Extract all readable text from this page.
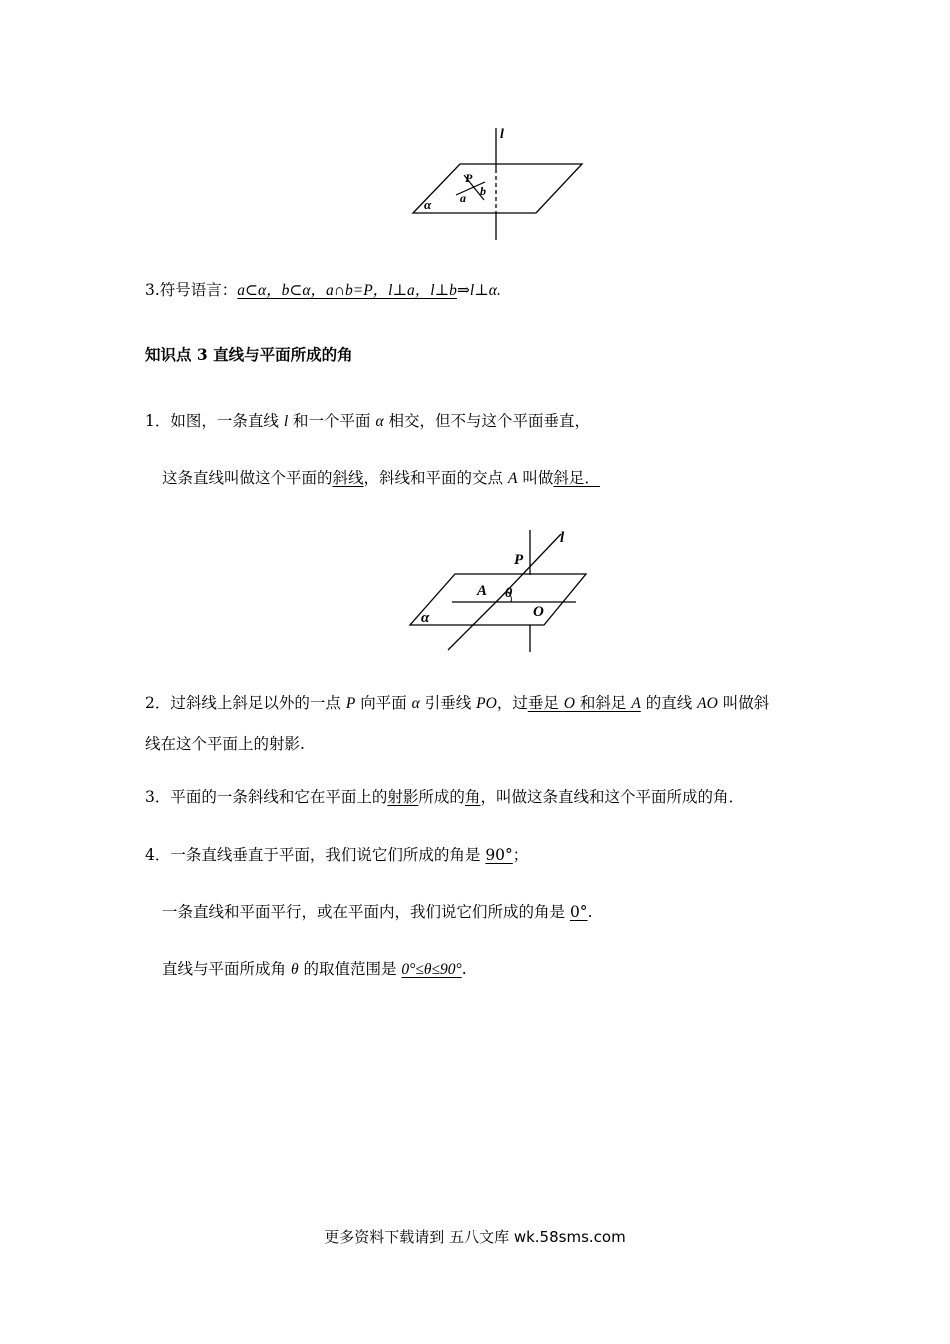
l
P
a b
α
3.符号语言：a⊂α，b⊂α，a∩b=P，l⊥a，l⊥b⇒l⊥α.
知识点 3 直线与平面所成的角
1．如图，一条直线 l 和一个平面 α 相交，但不与这个平面垂直，
这条直线叫做这个平面的斜线，斜线和平面的交点 A 叫做斜足．
l
P
A θ
O
α
2．过斜线上斜足以外的一点 P 向平面 α 引垂线 PO，过垂足 O 和斜足 A 的直线 AO 叫做斜
线在这个平面上的射影.
3．平面的一条斜线和它在平面上的射影所成的角，叫做这条直线和这个平面所成的角．
4．一条直线垂直于平面，我们说它们所成的角是 90°；
一条直线和平面平行，或在平面内，我们说它们所成的角是 0°.
直线与平面所成角 θ 的取值范围是 0°≤θ≤90°.
更多资料下载请到 五八文库 wk.58sms.com
